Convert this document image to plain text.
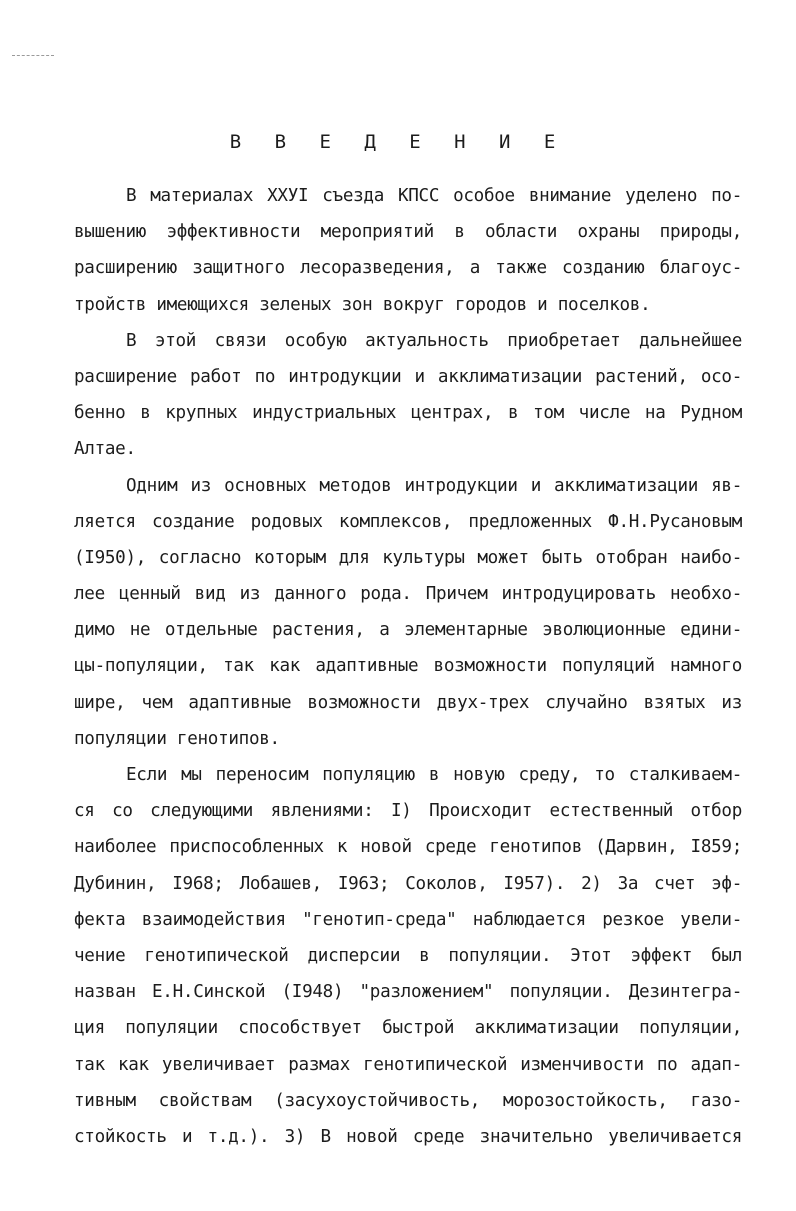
В В Е Д Е Н И Е
В материалах XXУI съезда КПСС особое внимание уделено по-
вышению эффективности мероприятий в области охраны природы,
расширению защитного лесоразведения, а также созданию благоус-
тройств имеющихся зеленых зон вокруг городов и поселков.
В этой связи особую актуальность приобретает дальнейшее
расширение работ по интродукции и акклиматизации растений, осо-
бенно в крупных индустриальных центрах, в том числе на Рудном
Алтае.
Одним из основных методов интродукции и акклиматизации яв-
ляется создание родовых комплексов, предложенных Ф.Н.Русановым
(I950), согласно которым для культуры может быть отобран наибо-
лее ценный вид из данного рода. Причем интродуцировать необхо-
димо не отдельные растения, а элементарные эволюционные едини-
цы-популяции, так как адаптивные возможности популяций намного
шире, чем адаптивные возможности двух-трех случайно взятых из
популяции генотипов.
Если мы переносим популяцию в новую среду, то сталкиваем-
ся со следующими явлениями: I) Происходит естественный отбор
наиболее приспособленных к новой среде генотипов (Дарвин, I859;
Дубинин, I968; Лобашев, I963; Соколов, I957). 2) За счет эф-
фекта взаимодействия "генотип-среда" наблюдается резкое увели-
чение генотипической дисперсии в популяции. Этот эффект был
назван Е.Н.Синской (I948) "разложением" популяции. Дезинтегра-
ция популяции способствует быстрой акклиматизации популяции,
так как увеличивает размах генотипической изменчивости по адап-
тивным свойствам (засухоустойчивость, морозостойкость, газо-
стойкость и т.д.). 3) В новой среде значительно увеличивается
